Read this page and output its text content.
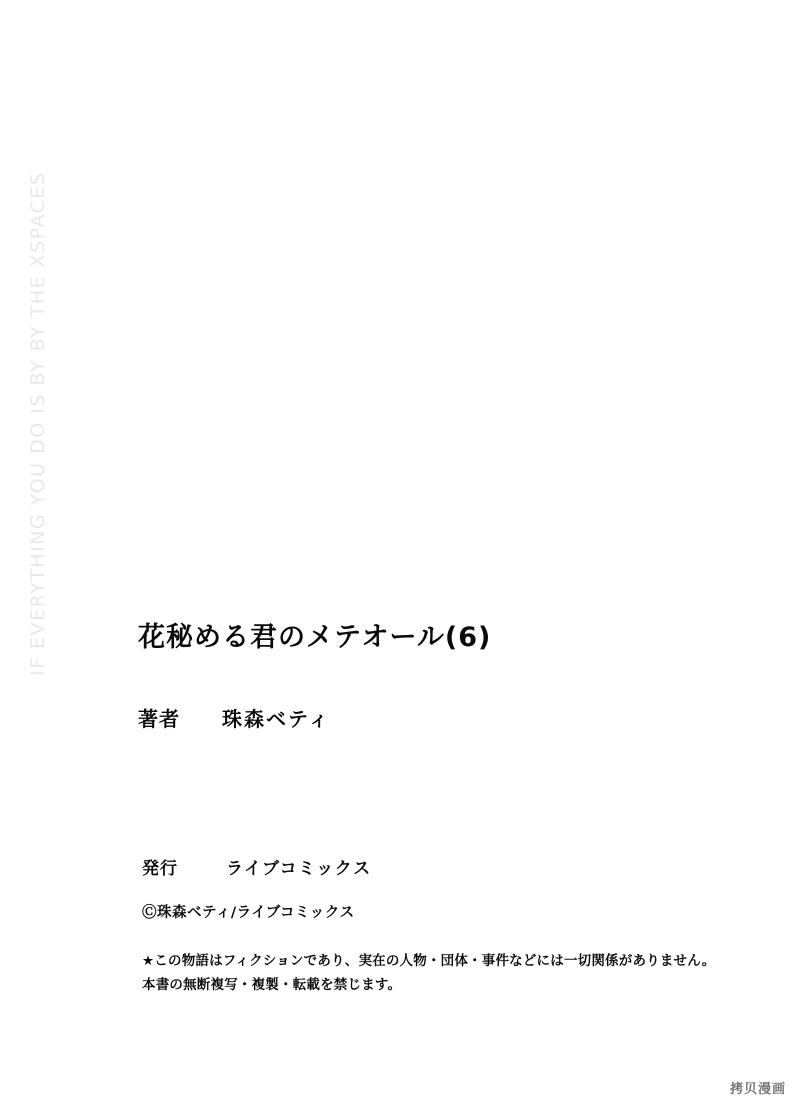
IF EVERYTHING YOU DO IS BY BY THE XSPACES	花秘める君のメテオール(6)
著者	珠森ベティ
発行	ライブコミックス
Ⓒ珠森ベティ/ライブコミックス
★この物語はフィクションであり、実在の人物・団体・事件などには一切関係がありません。
本書の無断複写・複製・転載を禁じます。
拷贝漫画
